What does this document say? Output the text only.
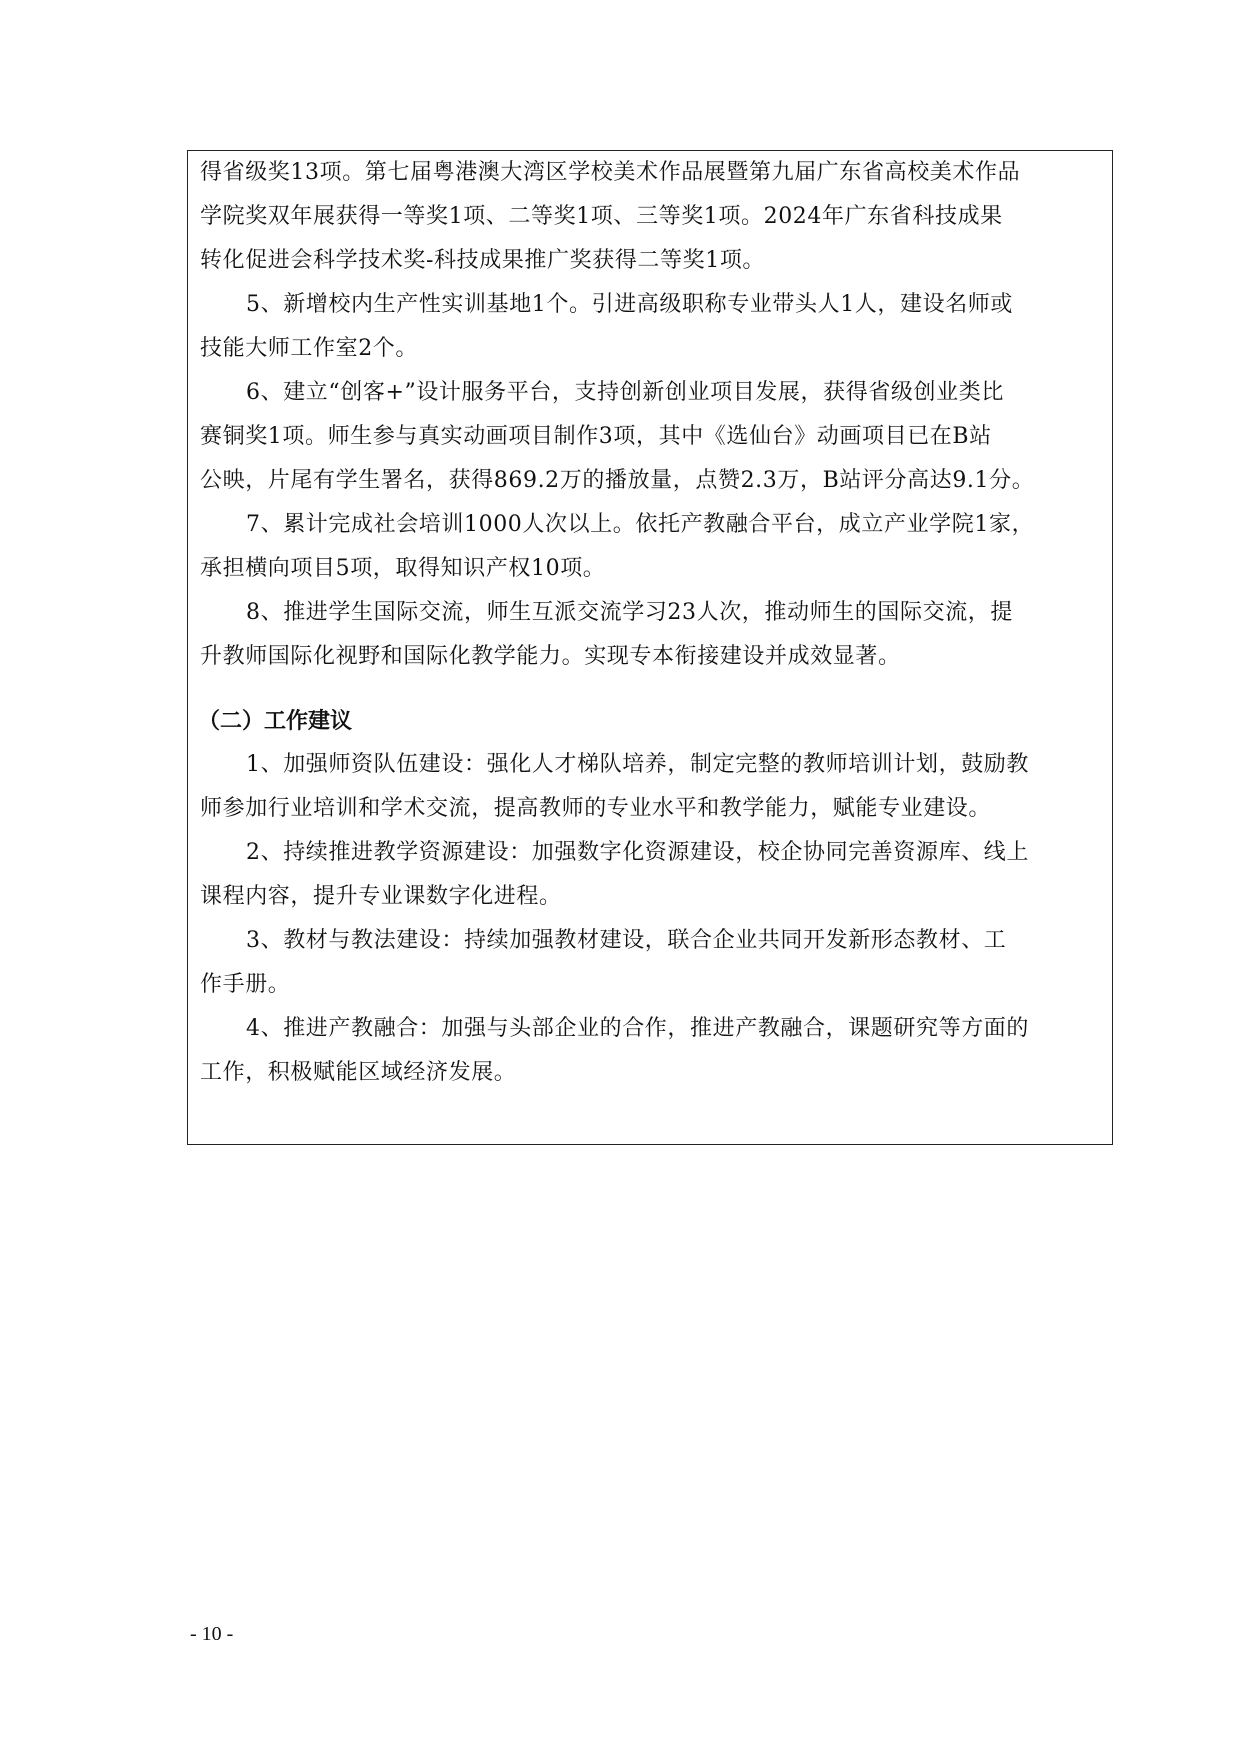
得省级奖13项。第七届粤港澳大湾区学校美术作品展暨第九届广东省高校美术作品
学院奖双年展获得一等奖1项、二等奖1项、三等奖1项。2024年广东省科技成果
转化促进会科学技术奖-科技成果推广奖获得二等奖1项。
5、新增校内生产性实训基地1个。引进高级职称专业带头人1人，建设名师或
技能大师工作室2个。
6、建立“创客+”设计服务平台，支持创新创业项目发展，获得省级创业类比
赛铜奖1项。师生参与真实动画项目制作3项，其中《选仙台》动画项目已在B站
公映，片尾有学生署名，获得869.2万的播放量，点赞2.3万，B站评分高达9.1分。
7、累计完成社会培训1000人次以上。依托产教融合平台，成立产业学院1家，
承担横向项目5项，取得知识产权10项。
8、推进学生国际交流，师生互派交流学习23人次，推动师生的国际交流，提
升教师国际化视野和国际化教学能力。实现专本衔接建设并成效显著。
（二）工作建议
1、加强师资队伍建设：强化人才梯队培养，制定完整的教师培训计划，鼓励教
师参加行业培训和学术交流，提高教师的专业水平和教学能力，赋能专业建设。
2、持续推进教学资源建设：加强数字化资源建设，校企协同完善资源库、线上
课程内容，提升专业课数字化进程。
3、教材与教法建设：持续加强教材建设，联合企业共同开发新形态教材、工
作手册。
4、推进产教融合：加强与头部企业的合作，推进产教融合，课题研究等方面的
工作，积极赋能区域经济发展。
- 10 -
